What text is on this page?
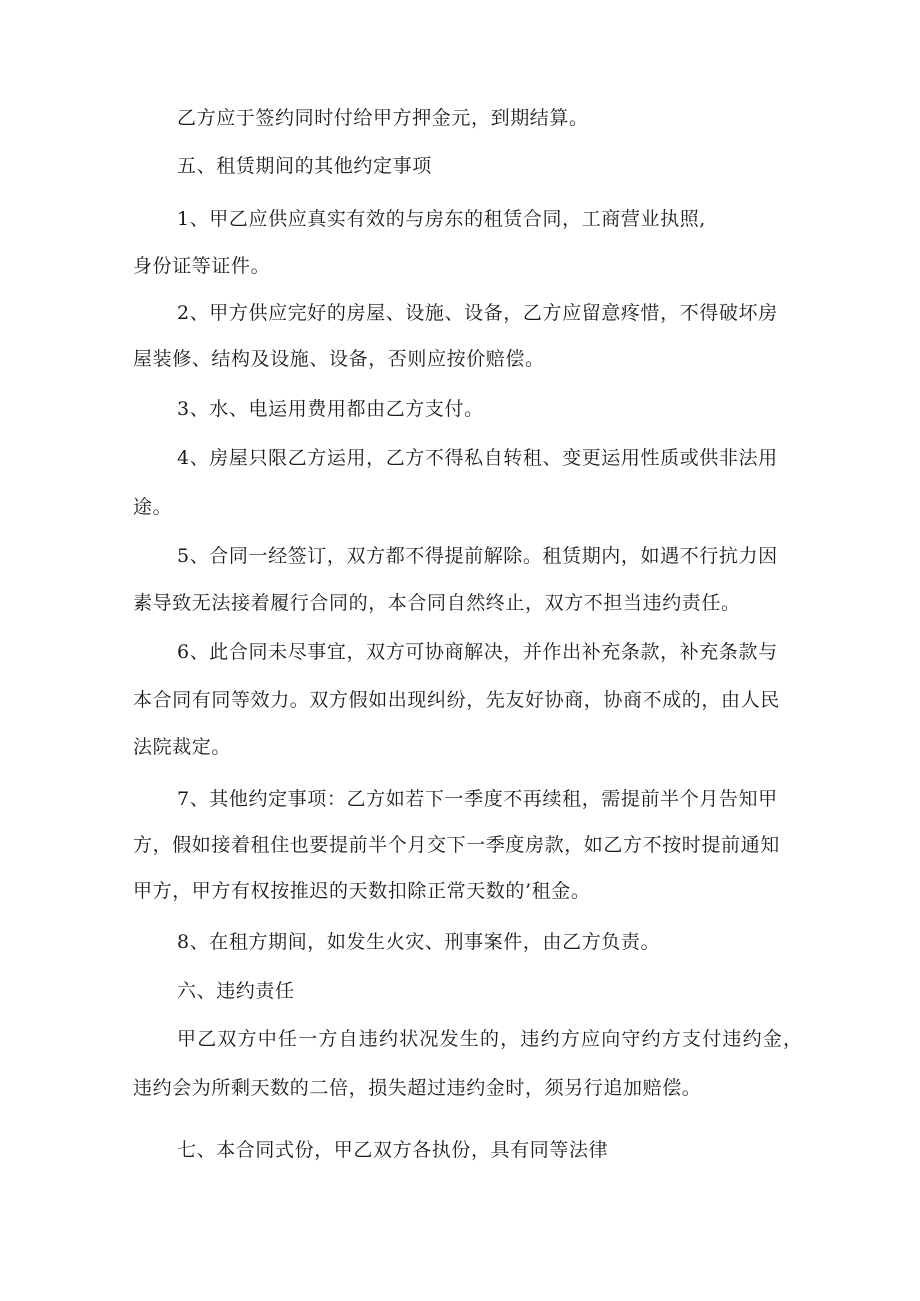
乙方应于签约同时付给甲方押金元，到期结算。

五、租赁期间的其他约定事项

1、甲乙应供应真实有效的与房东的租赁合同，工商营业执照,

身份证等证件。

2、甲方供应完好的房屋、设施、设备，乙方应留意疼惜，不得破坏房

屋装修、结构及设施、设备，否则应按价赔偿。

3、水、电运用费用都由乙方支付。

4、房屋只限乙方运用，乙方不得私自转租、变更运用性质或供非法用

途。

5、合同一经签订，双方都不得提前解除。租赁期内，如遇不行抗力因

素导致无法接着履行合同的，本合同自然终止，双方不担当违约责任。

6、此合同未尽事宜，双方可协商解决，并作出补充条款，补充条款与

本合同有同等效力。双方假如出现纠纷，先友好协商，协商不成的，由人民

法院裁定。

7、其他约定事项：乙方如若下一季度不再续租，需提前半个月告知甲

方，假如接着租住也要提前半个月交下一季度房款，如乙方不按时提前通知

甲方，甲方有权按推迟的天数扣除正常天数的’租金。

8、在租方期间，如发生火灾、刑事案件，由乙方负责。

六、违约责任

甲乙双方中任一方自违约状况发生的，违约方应向守约方支付违约金，

违约会为所剩天数的二倍，损失超过违约金时，须另行追加赔偿。

七、本合同式份，甲乙双方各执份，具有同等法律
